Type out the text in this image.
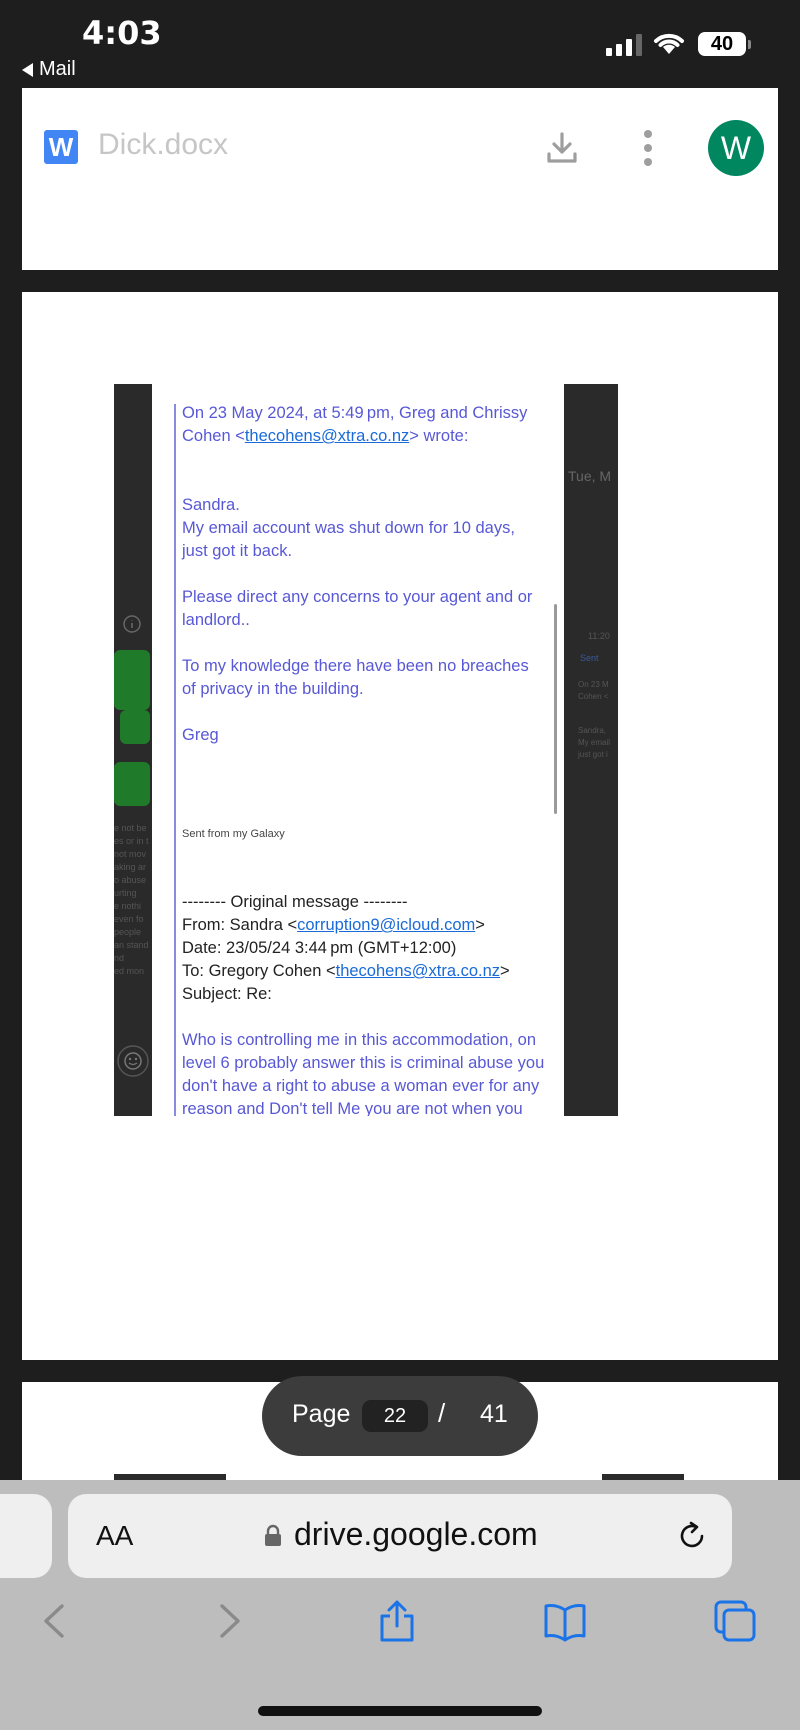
4:03
Mail
40
W Dick.docx	W
Tue, M
11:20
Sent
On 23 M
Cohen <
Sandra,
My email
just got i
e not be
es or in t
not mov
aking ar
o abuse
urting
e nothi
even fo
people
an stand
nd
ed mon
On 23 May 2024, at 5:49 pm, Greg and Chrissy
Cohen <thecohens@xtra.co.nz> wrote:
Sandra.
My email account was shut down for 10 days,
just got it back.
Please direct any concerns to your agent and or
landlord..
To my knowledge there have been no breaches
of privacy in the building.
Greg
Sent from my Galaxy
-------- Original message --------
From: Sandra <corruption9@icloud.com>
Date: 23/05/24 3:44 pm (GMT+12:00)
To: Gregory Cohen <thecohens@xtra.co.nz>
Subject: Re:
Who is controlling me in this accommodation, on
level 6 probably answer this is criminal abuse you
don't have a right to abuse a woman ever for any
reason and Don't tell Me you are not when you
Page	22	/ 41
AA	drive.google.com
